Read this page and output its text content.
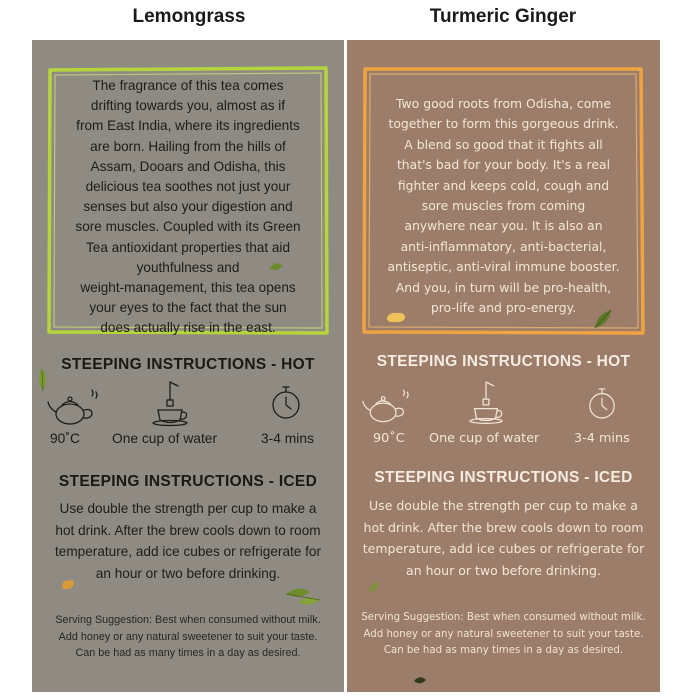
Lemongrass	Turmeric Ginger
The fragrance of this tea comes
drifting towards you, almost as if
from East India, where its ingredients
are born. Hailing from the hills of
Assam, Dooars and Odisha, this
delicious tea soothes not just your
senses but also your digestion and
sore muscles. Coupled with its Green
Tea antioxidant properties that aid
youthfulness and
weight-management, this tea opens
your eyes to the fact that the sun
does actually rise in the east.
STEEPING INSTRUCTIONS - HOT
90˚C One cup of water	3-4 mins
STEEPING INSTRUCTIONS - ICED
Use double the strength per cup to make a
hot drink. After the brew cools down to room
temperature, add ice cubes or refrigerate for
an hour or two before drinking.
Serving Suggestion: Best when consumed without milk.
Add honey or any natural sweetener to suit your taste.
Can be had as many times in a day as desired.
Two good roots from Odisha, come
together to form this gorgeous drink.
A blend so good that it fights all
that's bad for your body. It's a real
fighter and keeps cold, cough and
sore muscles from coming
anywhere near you. It is also an
anti-inflammatory, anti-bacterial,
antiseptic, anti-viral immune booster.
And you, in turn will be pro-health,
pro-life and pro-energy.
STEEPING INSTRUCTIONS - HOT
90˚C One cup of water	3-4 mins
STEEPING INSTRUCTIONS - ICED
Use double the strength per cup to make a
hot drink. After the brew cools down to room
temperature, add ice cubes or refrigerate for
an hour or two before drinking.
Serving Suggestion: Best when consumed without milk.
Add honey or any natural sweetener to suit your taste.
Can be had as many times in a day as desired.
